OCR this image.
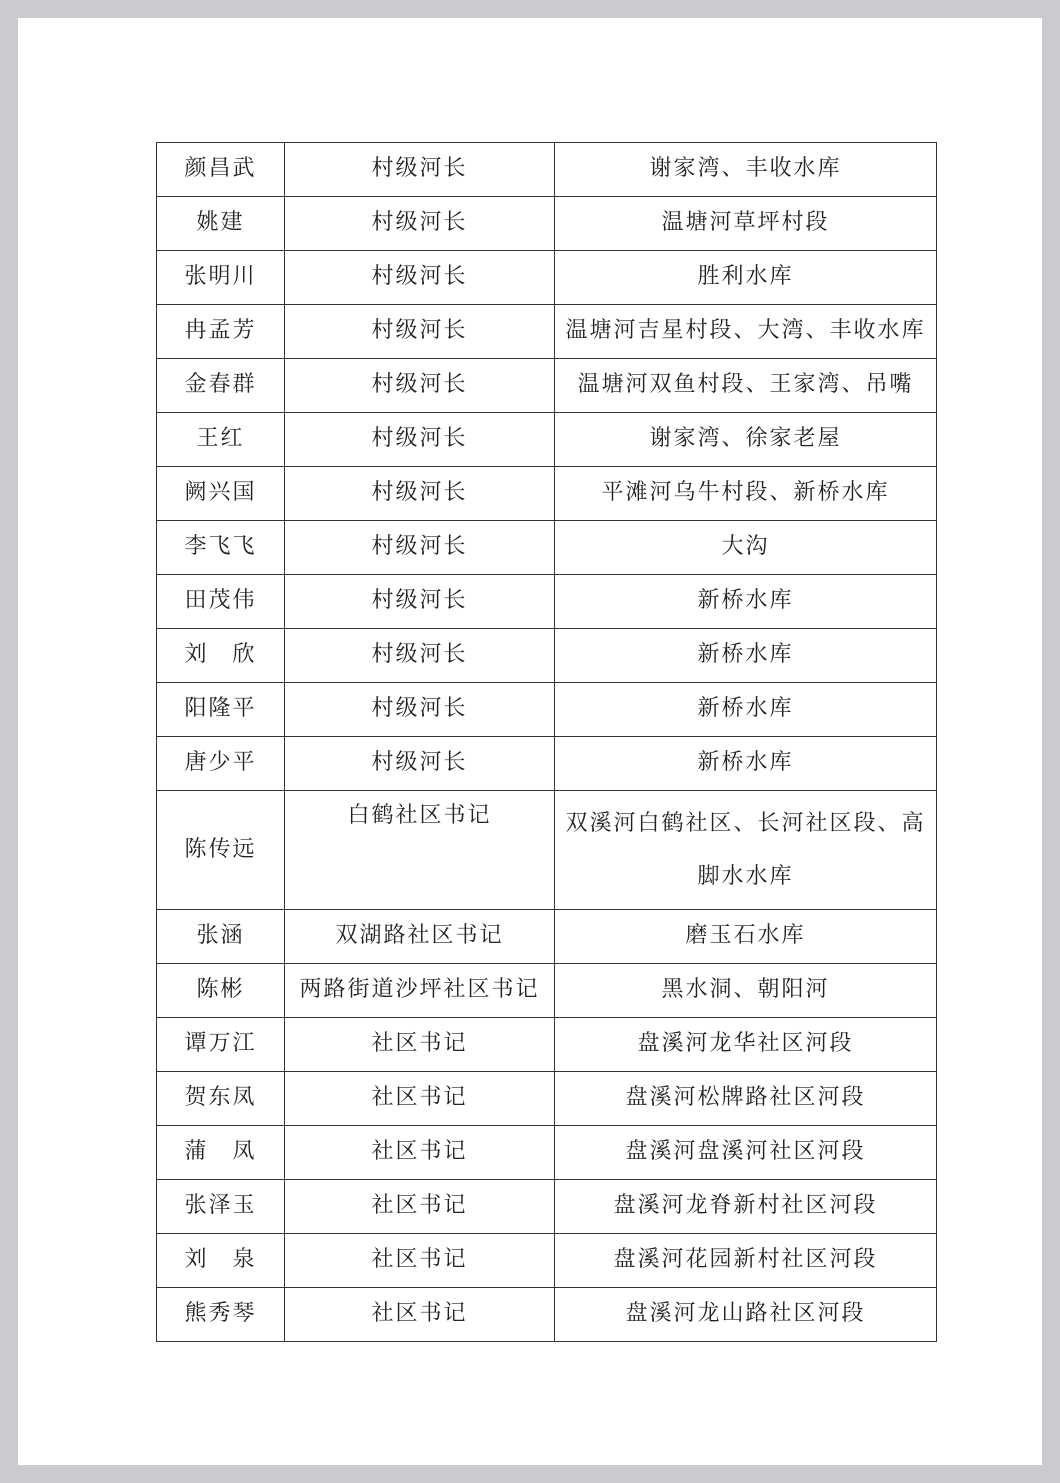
颜昌武	村级河长	谢家湾、丰收水库
姚建	村级河长	温塘河草坪村段
张明川	村级河长	胜利水库
冉孟芳	村级河长	温塘河吉星村段、大湾、丰收水库
金春群	村级河长	温塘河双鱼村段、王家湾、吊嘴
王红	村级河长	谢家湾、徐家老屋
阙兴国	村级河长	平滩河乌牛村段、新桥水库
李飞飞	村级河长	大沟
田茂伟	村级河长	新桥水库
刘　欣	村级河长	新桥水库
阳隆平	村级河长	新桥水库
唐少平	村级河长	新桥水库
陈传远	白鹤社区书记	双溪河白鹤社区、长河社区段、高脚水水库
张涵	双湖路社区书记	磨玉石水库
陈彬	两路街道沙坪社区书记	黑水洞、朝阳河
谭万江	社区书记	盘溪河龙华社区河段
贺东凤	社区书记	盘溪河松牌路社区河段
蒲　凤	社区书记	盘溪河盘溪河社区河段
张泽玉	社区书记	盘溪河龙脊新村社区河段
刘　泉	社区书记	盘溪河花园新村社区河段
熊秀琴	社区书记	盘溪河龙山路社区河段
